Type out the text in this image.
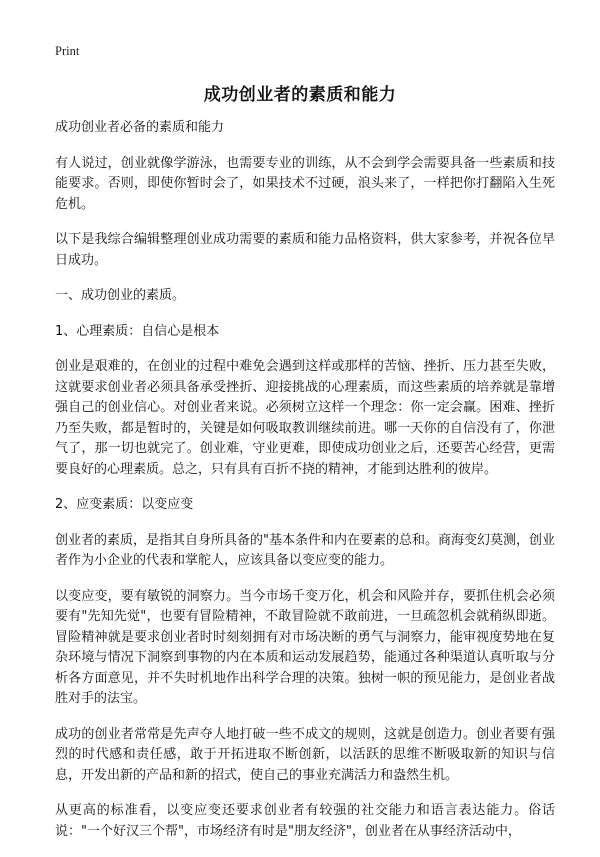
Print
成功创业者的素质和能力

成功创业者必备的素质和能力

有人说过，创业就像学游泳，也需要专业的训练，从不会到学会需要具备一些素质和技能要求。否则，即使你暂时会了，如果技术不过硬，浪头来了，一样把你打翻陷入生死危机。

以下是我综合编辑整理创业成功需要的素质和能力品格资料，供大家参考，并祝各位早日成功。

一、成功创业的素质。

1、心理素质：自信心是根本

创业是艰难的，在创业的过程中难免会遇到这样或那样的苦恼、挫折、压力甚至失败，这就要求创业者必须具备承受挫折、迎接挑战的心理素质，而这些素质的培养就是靠增强自己的创业信心。对创业者来说。必须树立这样一个理念：你一定会赢。困难、挫折乃至失败，都是暂时的，关键是如何吸取教训继续前进。哪一天你的自信没有了，你泄气了，那一切也就完了。创业难，守业更难，即使成功创业之后，还要苦心经营，更需要良好的心理素质。总之，只有具有百折不挠的精神，才能到达胜利的彼岸。

2、应变素质：以变应变

创业者的素质，是指其自身所具备的"基本条件和内在要素的总和。商海变幻莫测，创业者作为小企业的代表和掌舵人，应该具备以变应变的能力。

以变应变，要有敏锐的洞察力。当今市场千变万化，机会和风险并存，要抓住机会必须要有"先知先觉"，也要有冒险精神，不敢冒险就不敢前进，一旦疏忽机会就稍纵即逝。冒险精神就是要求创业者时时刻刻拥有对市场决断的勇气与洞察力，能审视度势地在复杂环境与情况下洞察到事物的内在本质和运动发展趋势，能通过各种渠道认真听取与分析各方面意见，并不失时机地作出科学合理的决策。独树一帜的预见能力，是创业者战胜对手的法宝。

成功的创业者常常是先声夺人地打破一些不成文的规则，这就是创造力。创业者要有强烈的时代感和责任感，敢于开拓进取不断创新，以活跃的思维不断吸取新的知识与信息，开发出新的产品和新的招式，使自己的事业充满活力和盎然生机。

从更高的标准看，以变应变还要求创业者有较强的社交能力和语言表达能力。俗话说："一个好汉三个帮"，市场经济有时是"朋友经济"，创业者在从事经济活动中，
